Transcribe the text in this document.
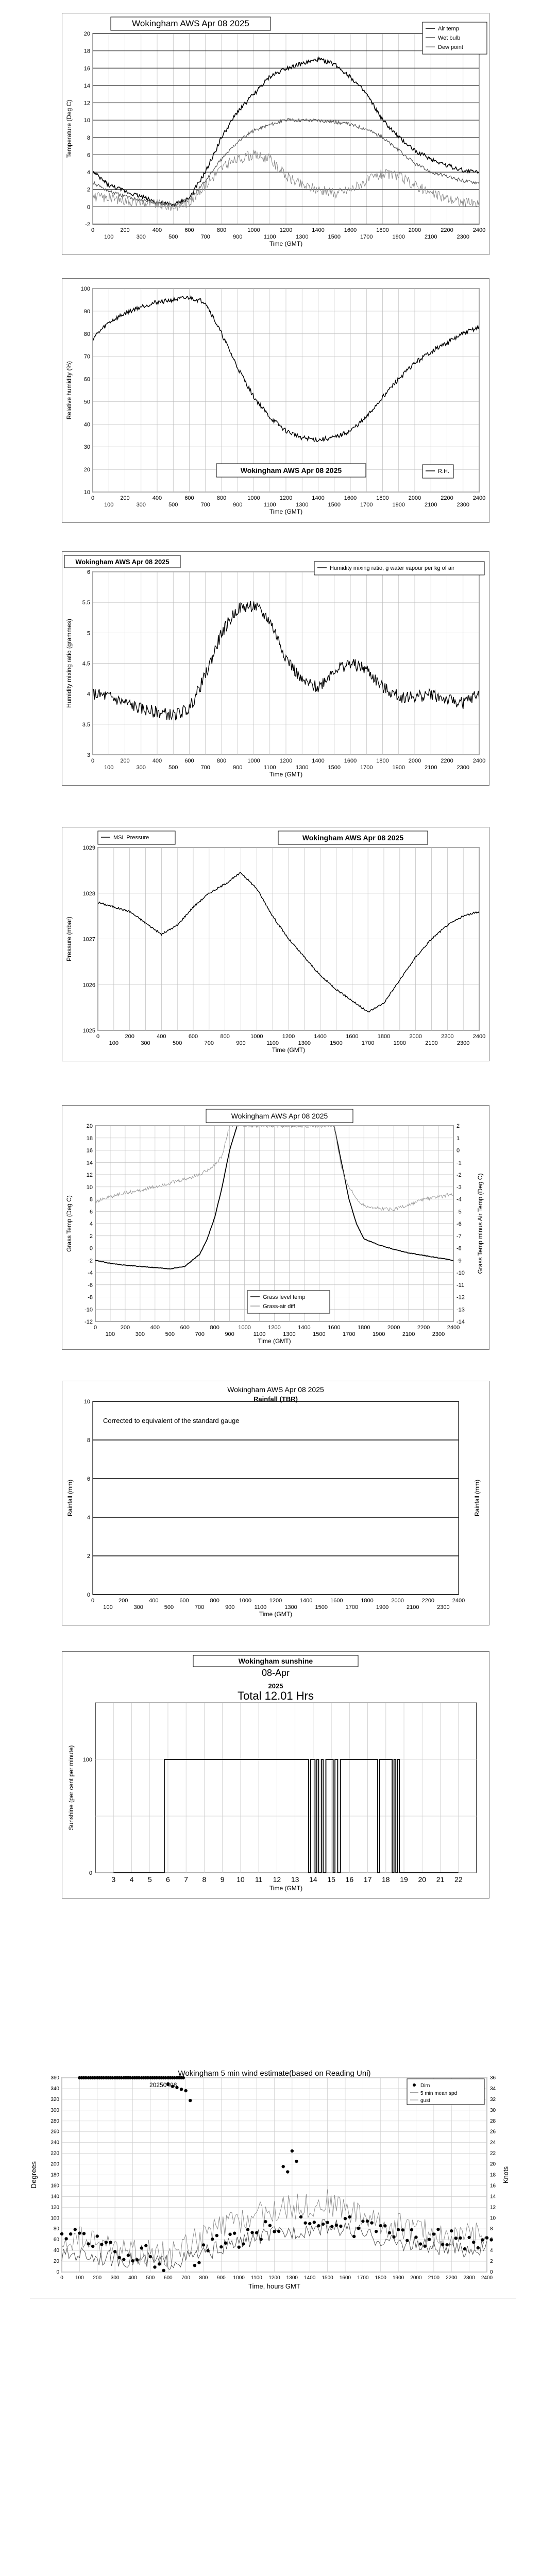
-2
0
2
4
6
8
10
12
14
16
18
20
0	200	400	600	800	1000	1200	1400	1600	1800	2000	2200	2400
100	300	500	700	900	1100	1300	1500	1700	1900	2100	2300
Time (GMT)
Temperature (Deg C)
Wokingham AWS Apr 08 2025
Air temp
Wet bulb
Dew point
10
20
30
40
50
60
70
80
90
100
0	200	400	600	800	1000	1200	1400	1600	1800	2000	2200	2400
100	300	500	700	900	1100	1300	1500	1700	1900	2100	2300
Time (GMT)
Relative humidity (%)
Wokingham AWS Apr 08 2025	R.H.
3
3.5
4
4.5
5
5.5
6
0	200	400	600	800	1000	1200	1400	1600	1800	2000	2200	2400
100	300	500	700	900	1100	1300	1500	1700	1900	2100	2300
Time (GMT)
Humidity mixing ratio (grammes)
Wokingham AWS Apr 08 2025
Humidity mixing ratio, g water vapour per kg of air
1025
1026
1027
1028
1029
0	200	400	600	800	1000	1200	1400	1600	1800	2000	2200	2400
100	300	500	700	900	1100	1300	1500	1700	1900	2100	2300
Time (GMT)
Pressure (mbar)
Wokingham AWS Apr 08 2025
MSL Pressure
-12
-10
-8
-6
-4
-2
0
2
4
6
8
10
12
14
16
18
20
0	200	400	600	800	1000	1200	1400	1600	1800	2000	2200	2400
100	300	500	700	900	1100	1300	1500	1700	1900	2100	2300
Time (GMT)
Grass Temp (Deg C)
-14
-13
-12
-11
-10
-9
-8
-7
-6
-5
-4
-3
-2
-1
0
1
2
Grass Temp minus Air Temp (Deg C)
Wokingham AWS Apr 08 2025
Grass level temp
Grass-air diff
0
2
4
6
8
10
0	200	400	600	800	1000	1200	1400	1600	1800	2000	2200	2400
100	300	500	700	900	1100	1300	1500	1700	1900	2100	2300
Time (GMT)
Rainfall (mm)	Rainfall (mm)
Wokingham AWS Apr 08 2025
Rainfall (TBR)
Corrected to equivalent of the standard gauge
3 4 5 6 7 8 9 10 11 12 13 14 15 16 17 18 19 20 21 22
0
100
Time (GMT)
Sunshine (per cent per minute)
Wokingham sunshine
08-Apr
2025
Total 12.01 Hrs
0 100 200 300 400 500 600 700 800 900 1000 1100 1200 1300 1400 1500 1600 1700 1800 1900 2000 2100 2200 2300 2400
0
20
40
60
80
100
120
140
160
180
200
220
240
260
280
300
320
340
360
0
2
4
8
10
12
14
16
18
20
22
24
26
28
30
32
34
36
Time, hours GMT
Degrees	Knots
Wokingham 5 min wind estimate(based on Reading Uni)
20250408	Dirn
5 min mean spd
gust
